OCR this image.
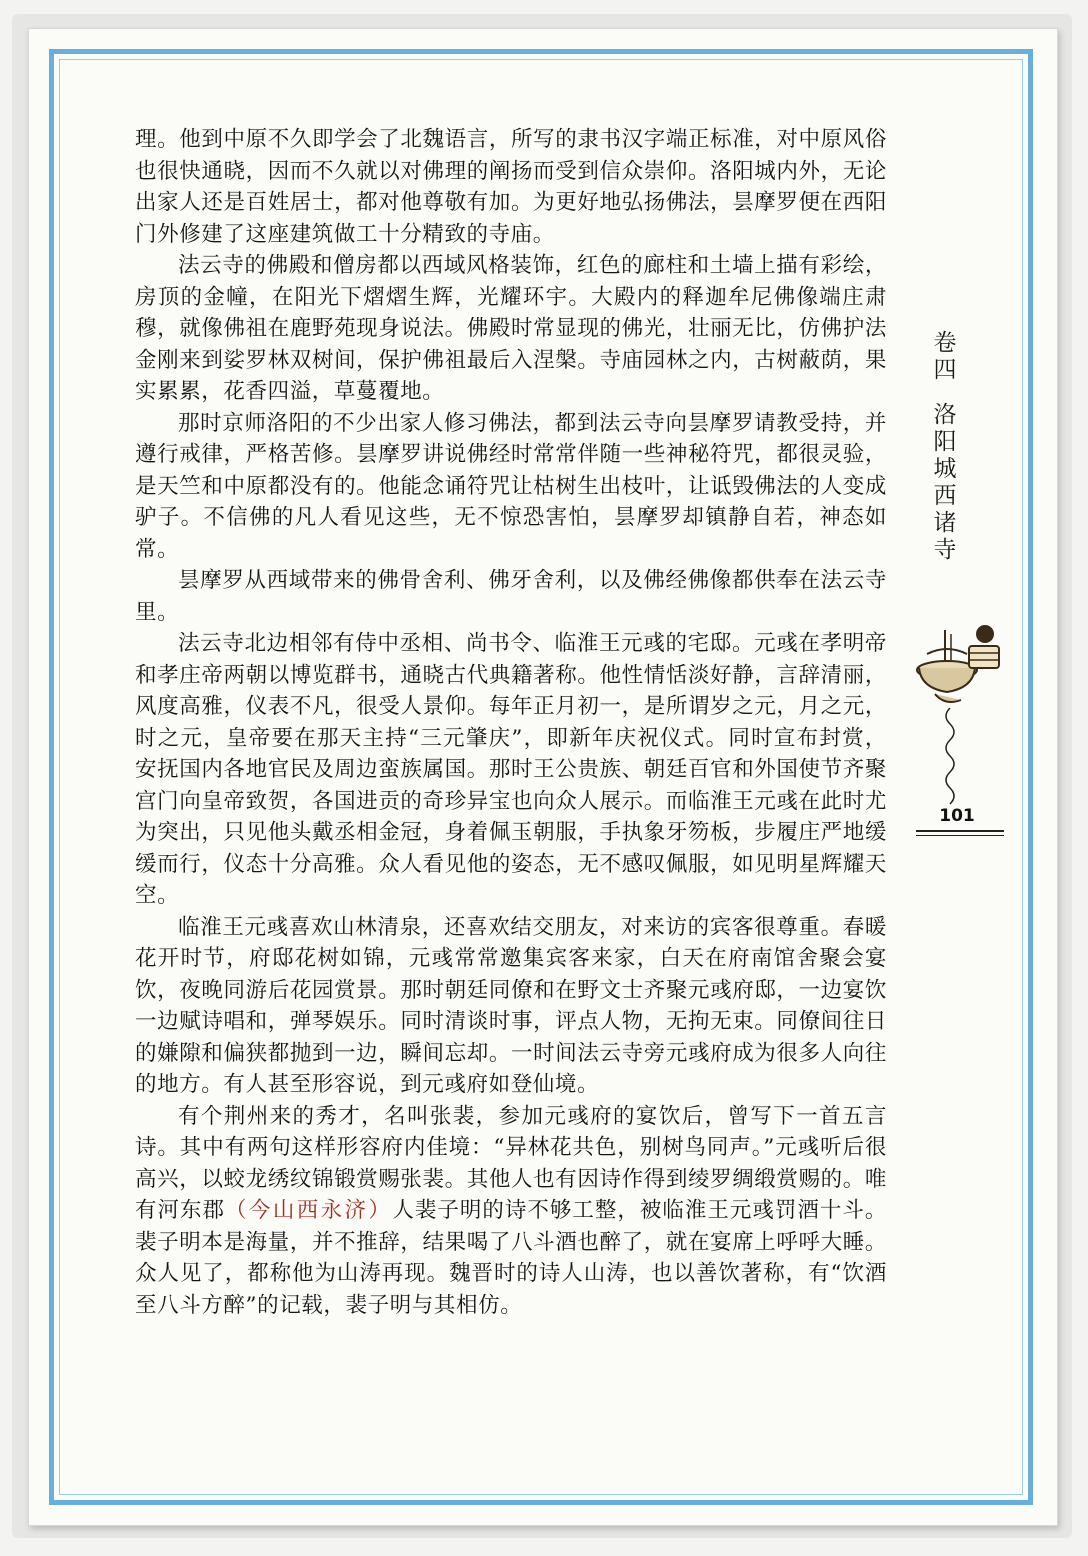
理。他到中原不久即学会了北魏语言，所写的隶书汉字端正标准，对中原风俗也很快通晓，因而不久就以对佛理的阐扬而受到信众崇仰。洛阳城内外，无论出家人还是百姓居士，都对他尊敬有加。为更好地弘扬佛法，昙摩罗便在西阳门外修建了这座建筑做工十分精致的寺庙。

法云寺的佛殿和僧房都以西域风格装饰，红色的廊柱和土墙上描有彩绘，房顶的金幢，在阳光下熠熠生辉，光耀环宇。大殿内的释迦牟尼佛像端庄肃穆，就像佛祖在鹿野苑现身说法。佛殿时常显现的佛光，壮丽无比，仿佛护法金刚来到娑罗林双树间，保护佛祖最后入涅槃。寺庙园林之内，古树蔽荫，果实累累，花香四溢，草蔓覆地。

那时京师洛阳的不少出家人修习佛法，都到法云寺向昙摩罗请教受持，并遵行戒律，严格苦修。昙摩罗讲说佛经时常常伴随一些神秘符咒，都很灵验，是天竺和中原都没有的。他能念诵符咒让枯树生出枝叶，让诋毁佛法的人变成驴子。不信佛的凡人看见这些，无不惊恐害怕，昙摩罗却镇静自若，神态如常。

昙摩罗从西域带来的佛骨舍利、佛牙舍利，以及佛经佛像都供奉在法云寺里。

法云寺北边相邻有侍中丞相、尚书令、临淮王元彧的宅邸。元彧在孝明帝和孝庄帝两朝以博览群书，通晓古代典籍著称。他性情恬淡好静，言辞清丽，风度高雅，仪表不凡，很受人景仰。每年正月初一，是所谓岁之元，月之元，时之元，皇帝要在那天主持“三元肇庆”，即新年庆祝仪式。同时宣布封赏，安抚国内各地官民及周边蛮族属国。那时王公贵族、朝廷百官和外国使节齐聚宫门向皇帝致贺，各国进贡的奇珍异宝也向众人展示。而临淮王元彧在此时尤为突出，只见他头戴丞相金冠，身着佩玉朝服，手执象牙笏板，步履庄严地缓缓而行，仪态十分高雅。众人看见他的姿态，无不感叹佩服，如见明星辉耀天空。

临淮王元彧喜欢山林清泉，还喜欢结交朋友，对来访的宾客很尊重。春暖花开时节，府邸花树如锦，元彧常常邀集宾客来家，白天在府南馆舍聚会宴饮，夜晚同游后花园赏景。那时朝廷同僚和在野文士齐聚元彧府邸，一边宴饮一边赋诗唱和，弹琴娱乐。同时清谈时事，评点人物，无拘无束。同僚间往日的嫌隙和偏狭都抛到一边，瞬间忘却。一时间法云寺旁元彧府成为很多人向往的地方。有人甚至形容说，到元彧府如登仙境。

有个荆州来的秀才，名叫张裴，参加元彧府的宴饮后，曾写下一首五言诗。其中有两句这样形容府内佳境：“异林花共色，别树鸟同声。”元彧听后很高兴，以蛟龙绣纹锦锻赏赐张裴。其他人也有因诗作得到绫罗绸缎赏赐的。唯有河东郡（今山西永济）人裴子明的诗不够工整，被临淮王元彧罚酒十斗。裴子明本是海量，并不推辞，结果喝了八斗酒也醉了，就在宴席上呼呼大睡。众人见了，都称他为山涛再现。魏晋时的诗人山涛，也以善饮著称，有“饮酒至八斗方醉”的记载，裴子明与其相仿。

卷四
洛阳城西诸寺
101
